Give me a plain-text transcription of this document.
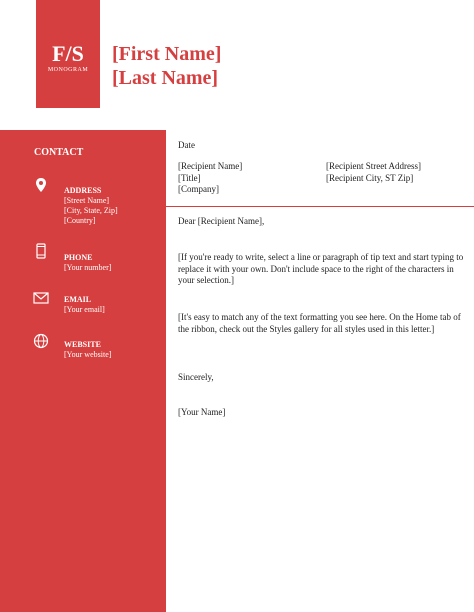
F/S
MONOGRAM
[First Name]
[Last Name]
CONTACT
ADDRESS
[Street Name]
[City, State, Zip]
[Country]
PHONE
[Your number]
EMAIL
[Your email]
WEBSITE
[Your website]
Date
[Recipient Name]
[Title]
[Company]
[Recipient Street Address]
[Recipient City, ST Zip]
Dear [Recipient Name],
[If you're ready to write, select a line or paragraph of tip text and start typing to replace it with your own. Don't include space to the right of the characters in your selection.]
[It's easy to match any of the text formatting you see here. On the Home tab of the ribbon, check out the Styles gallery for all styles used in this letter.]
Sincerely,
[Your Name]
